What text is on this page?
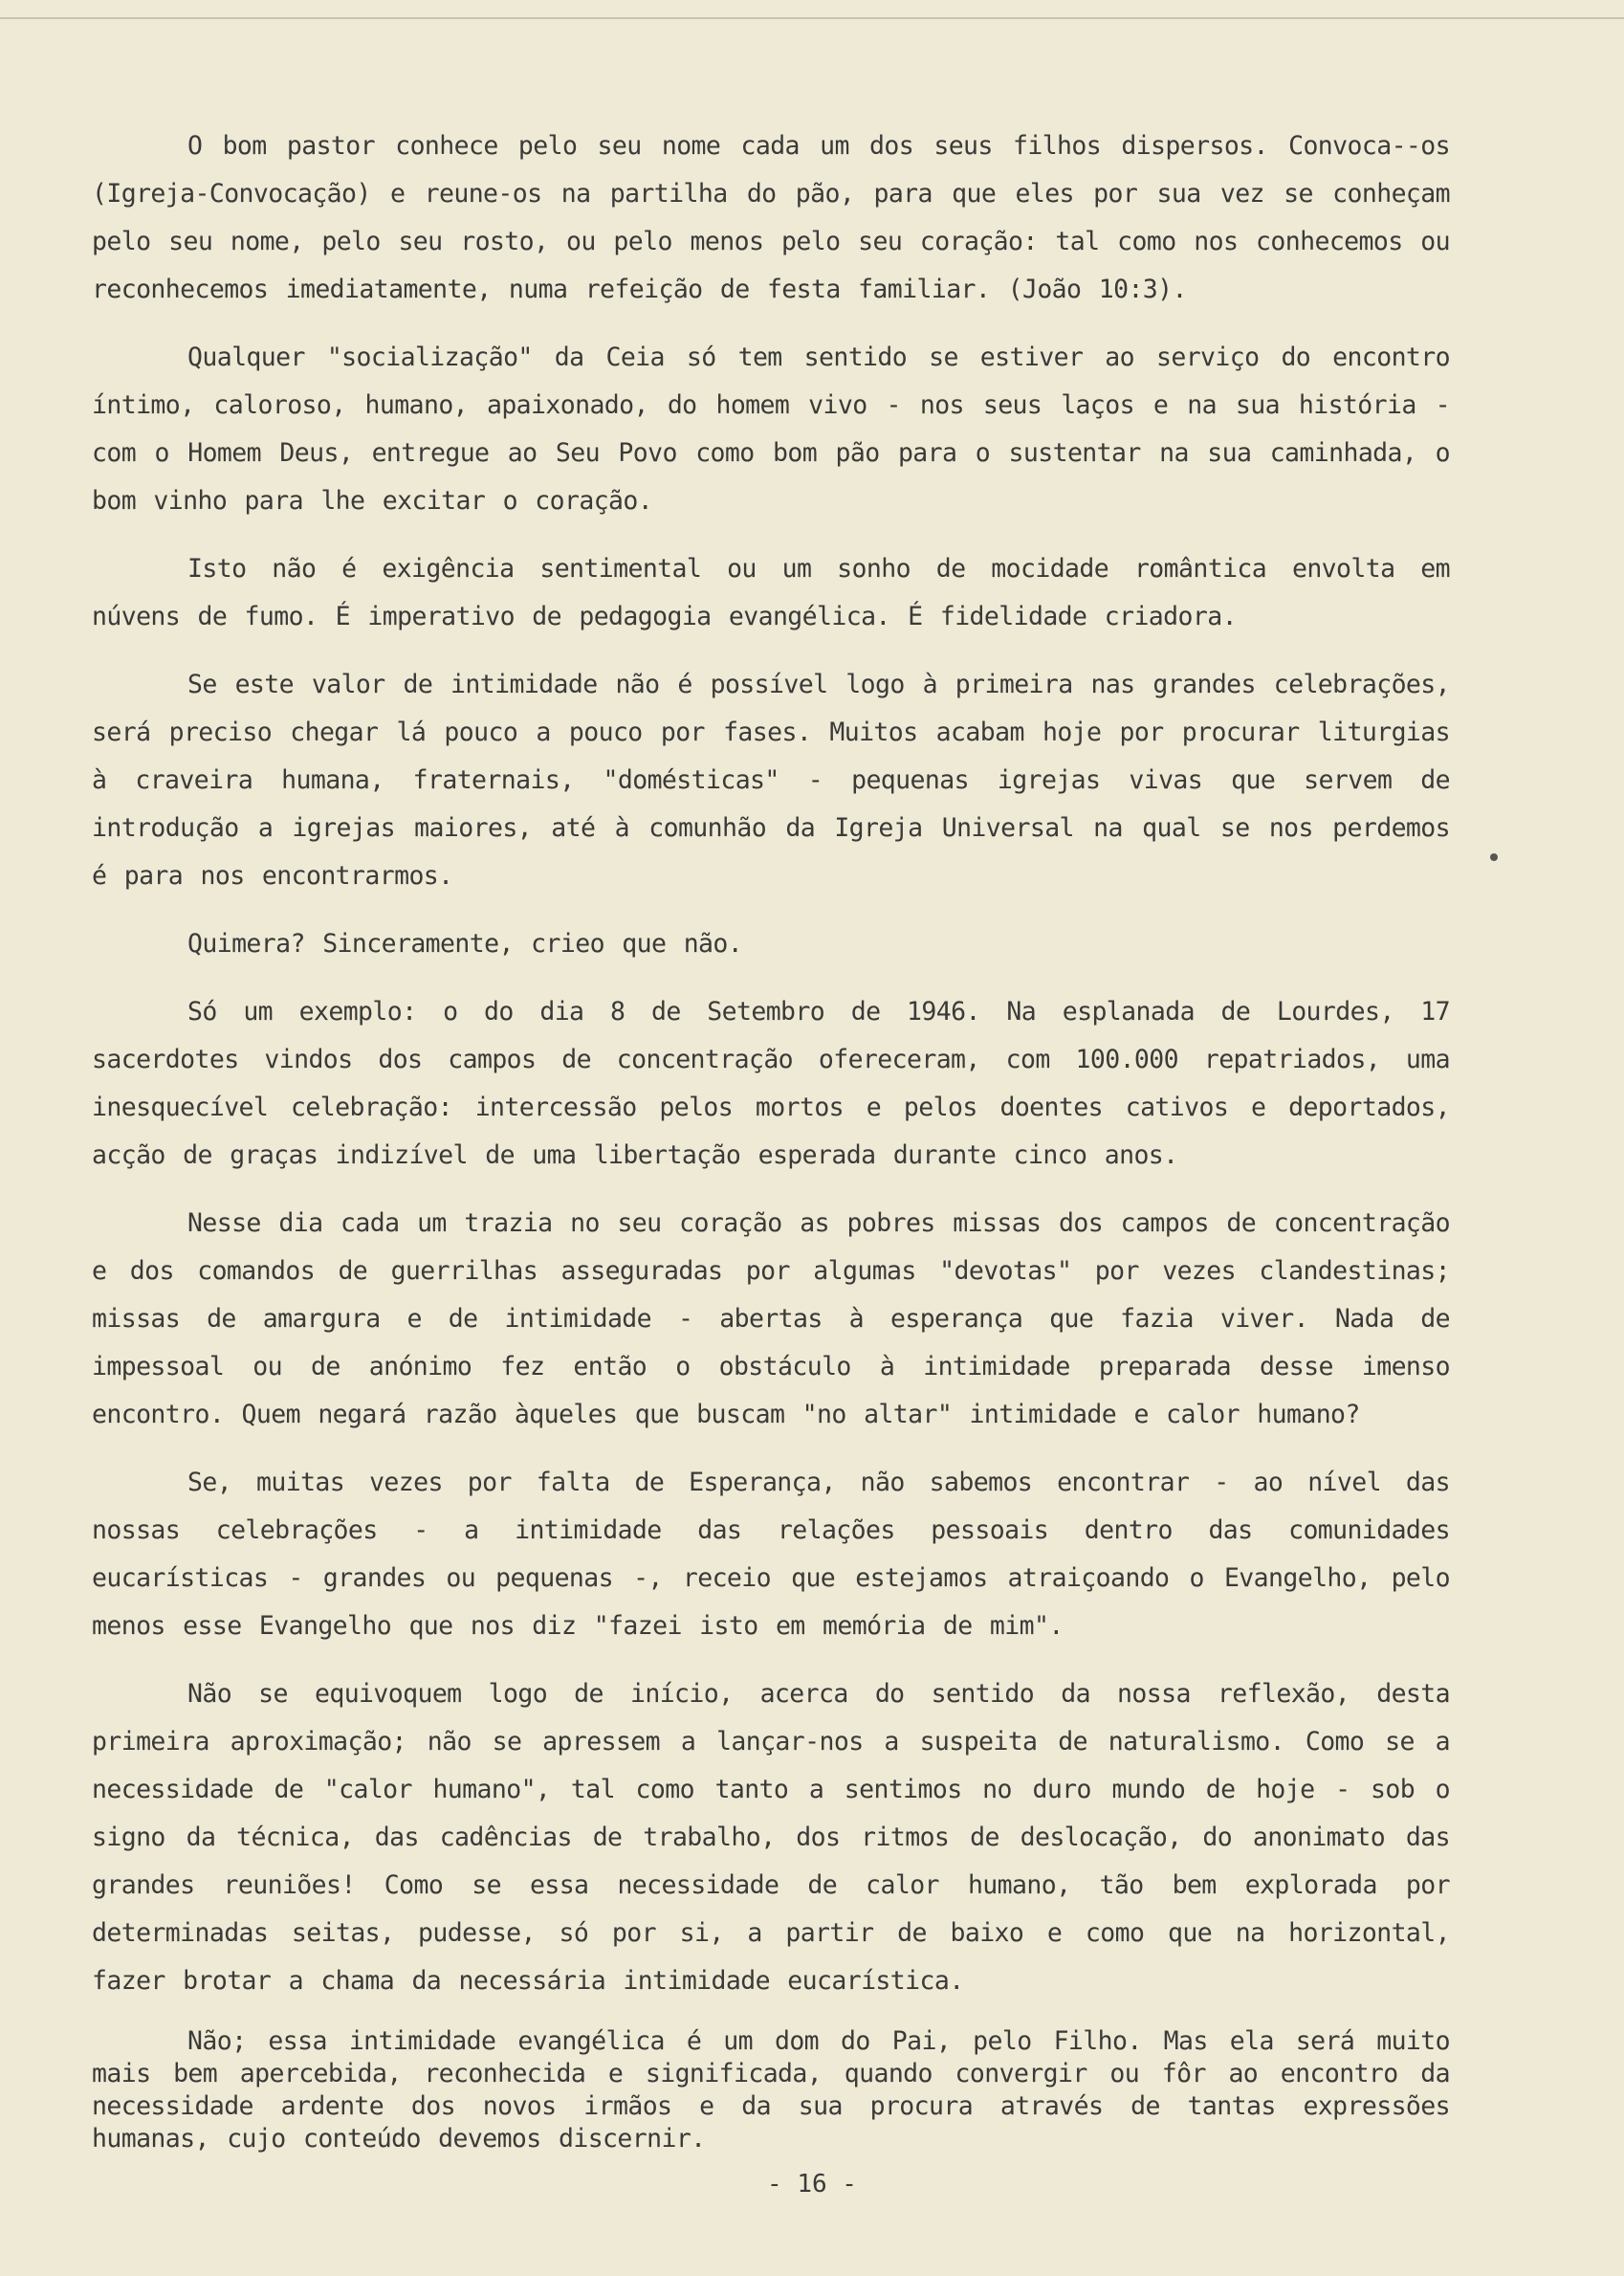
O bom pastor conhece pelo seu nome cada um dos seus filhos dispersos. Convoca--os (Igreja-Convocação) e reune-os na partilha do pão, para que eles por sua vez se conheçam pelo seu nome, pelo seu rosto, ou pelo menos pelo seu coração: tal como nos conhecemos ou reconhecemos imediatamente, numa refeição de festa familiar. (João 10:3).

Qualquer "socialização" da Ceia só tem sentido se estiver ao serviço do encontro íntimo, caloroso, humano, apaixonado, do homem vivo - nos seus laços e na sua história - com o Homem Deus, entregue ao Seu Povo como bom pão para o sustentar na sua caminhada, o bom vinho para lhe excitar o coração.

Isto não é exigência sentimental ou um sonho de mocidade romântica envolta em núvens de fumo. É imperativo de pedagogia evangélica. É fidelidade criadora.

Se este valor de intimidade não é possível logo à primeira nas grandes celebrações, será preciso chegar lá pouco a pouco por fases. Muitos acabam hoje por procurar liturgias à craveira humana, fraternais, "domésticas" - pequenas igrejas vivas que servem de introdução a igrejas maiores, até à comunhão da Igreja Universal na qual se nos perdemos é para nos encontrarmos.

Quimera? Sinceramente, crieo que não.

Só um exemplo: o do dia 8 de Setembro de 1946. Na esplanada de Lourdes, 17 sacerdotes vindos dos campos de concentração ofereceram, com 100.000 repatriados, uma inesquecível celebração: intercessão pelos mortos e pelos doentes cativos e deportados, acção de graças indizível de uma libertação esperada durante cinco anos.

Nesse dia cada um trazia no seu coração as pobres missas dos campos de concentração e dos comandos de guerrilhas asseguradas por algumas "devotas" por vezes clandestinas; missas de amargura e de intimidade - abertas à esperança que fazia viver. Nada de impessoal ou de anónimo fez então o obstáculo à intimidade preparada desse imenso encontro. Quem negará razão àqueles que buscam "no altar" intimidade e calor humano?

Se, muitas vezes por falta de Esperança, não sabemos encontrar - ao nível das nossas celebrações - a intimidade das relações pessoais dentro das comunidades eucarísticas - grandes ou pequenas -, receio que estejamos atraiçoando o Evangelho, pelo menos esse Evangelho que nos diz "fazei isto em memória de mim".

Não se equivoquem logo de início, acerca do sentido da nossa reflexão, desta primeira aproximação; não se apressem a lançar-nos a suspeita de naturalismo. Como se a necessidade de "calor humano", tal como tanto a sentimos no duro mundo de hoje - sob o signo da técnica, das cadências de trabalho, dos ritmos de deslocação, do anonimato das grandes reuniões! Como se essa necessidade de calor humano, tão bem explorada por determinadas seitas, pudesse, só por si, a partir de baixo e como que na horizontal, fazer brotar a chama da necessária intimidade eucarística.

Não; essa intimidade evangélica é um dom do Pai, pelo Filho. Mas ela será muito mais bem apercebida, reconhecida e significada, quando convergir ou fôr ao encontro da necessidade ardente dos novos irmãos e da sua procura através de tantas expressões humanas, cujo conteúdo devemos discernir.

- 16 -
